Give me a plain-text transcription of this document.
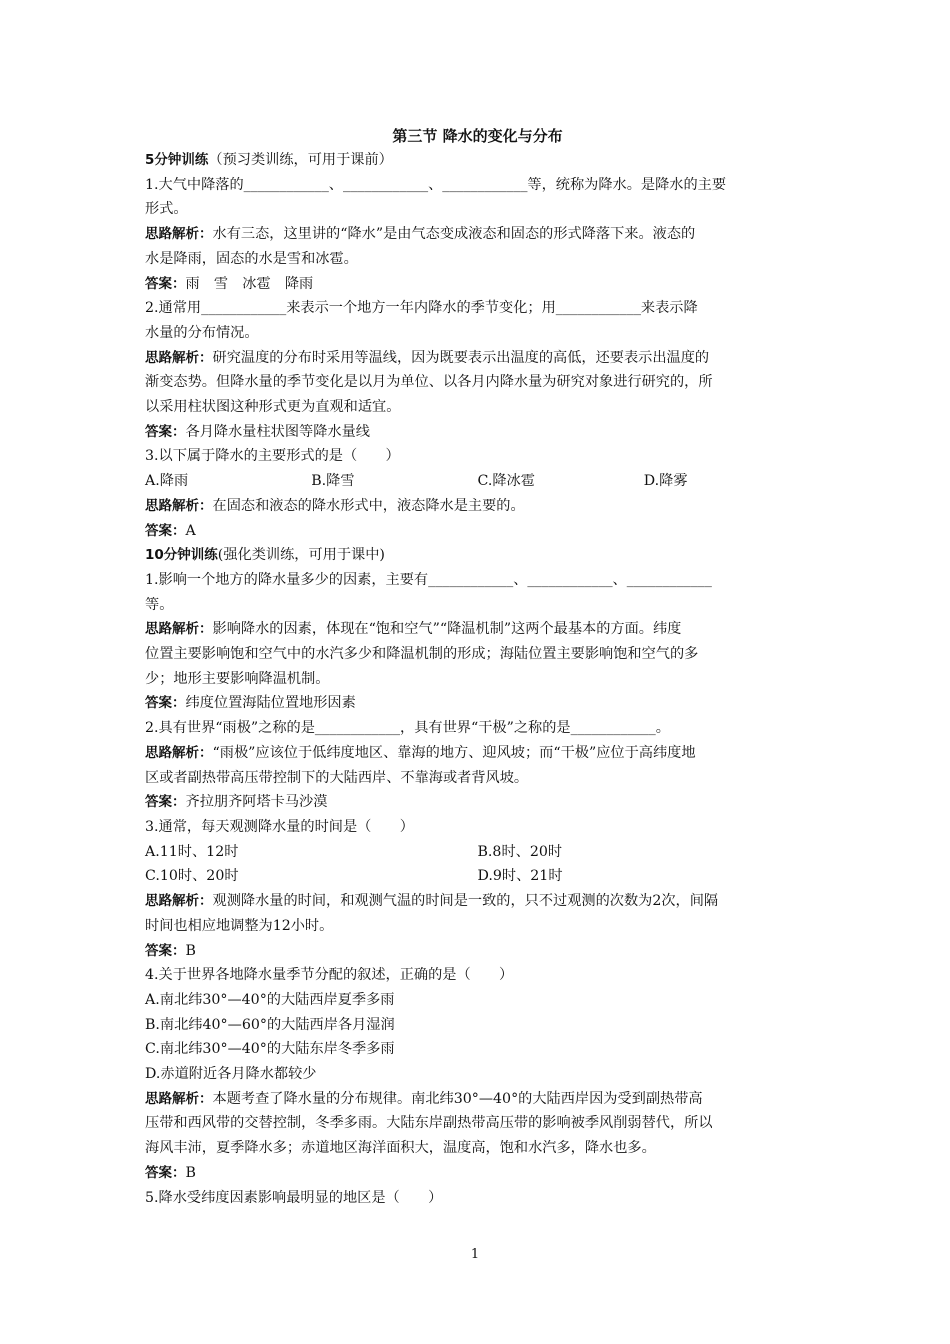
第三节 降水的变化与分布
5分钟训练（预习类训练，可用于课前）
1.大气中降落的____________、____________、____________等，统称为降水。是降水的主要
形式。
思路解析：水有三态，这里讲的“降水”是由气态变成液态和固态的形式降落下来。液态的
水是降雨，固态的水是雪和冰雹。
答案：雨　雪　冰雹　降雨
2.通常用____________来表示一个地方一年内降水的季节变化；用____________来表示降
水量的分布情况。
思路解析：研究温度的分布时采用等温线，因为既要表示出温度的高低，还要表示出温度的
渐变态势。但降水量的季节变化是以月为单位、以各月内降水量为研究对象进行研究的，所
以采用柱状图这种形式更为直观和适宜。
答案：各月降水量柱状图等降水量线
3.以下属于降水的主要形式的是（　　）
A.降雨	B.降雪	C.降冰雹	D.降雾
思路解析：在固态和液态的降水形式中，液态降水是主要的。
答案：A
10分钟训练(强化类训练，可用于课中)
1.影响一个地方的降水量多少的因素，主要有____________、____________、____________
等。
思路解析：影响降水的因素，体现在“饱和空气”“降温机制”这两个最基本的方面。纬度
位置主要影响饱和空气中的水汽多少和降温机制的形成；海陆位置主要影响饱和空气的多
少；地形主要影响降温机制。
答案：纬度位置海陆位置地形因素
2.具有世界“雨极”之称的是____________，具有世界“干极”之称的是____________。
思路解析：“雨极”应该位于低纬度地区、靠海的地方、迎风坡；而“干极”应位于高纬度地
区或者副热带高压带控制下的大陆西岸、不靠海或者背风坡。
答案：齐拉朋齐阿塔卡马沙漠
3.通常，每天观测降水量的时间是（　　）
A.11时、12时	B.8时、20时
C.10时、20时	D.9时、21时
思路解析：观测降水量的时间，和观测气温的时间是一致的，只不过观测的次数为2次，间隔
时间也相应地调整为12小时。
答案：B
4.关于世界各地降水量季节分配的叙述，正确的是（　　）
A.南北纬30°—40°的大陆西岸夏季多雨
B.南北纬40°—60°的大陆西岸各月湿润
C.南北纬30°—40°的大陆东岸冬季多雨
D.赤道附近各月降水都较少
思路解析：本题考查了降水量的分布规律。南北纬30°—40°的大陆西岸因为受到副热带高
压带和西风带的交替控制，冬季多雨。大陆东岸副热带高压带的影响被季风削弱替代，所以
海风丰沛，夏季降水多；赤道地区海洋面积大，温度高，饱和水汽多，降水也多。
答案：B
5.降水受纬度因素影响最明显的地区是（　　）
1
